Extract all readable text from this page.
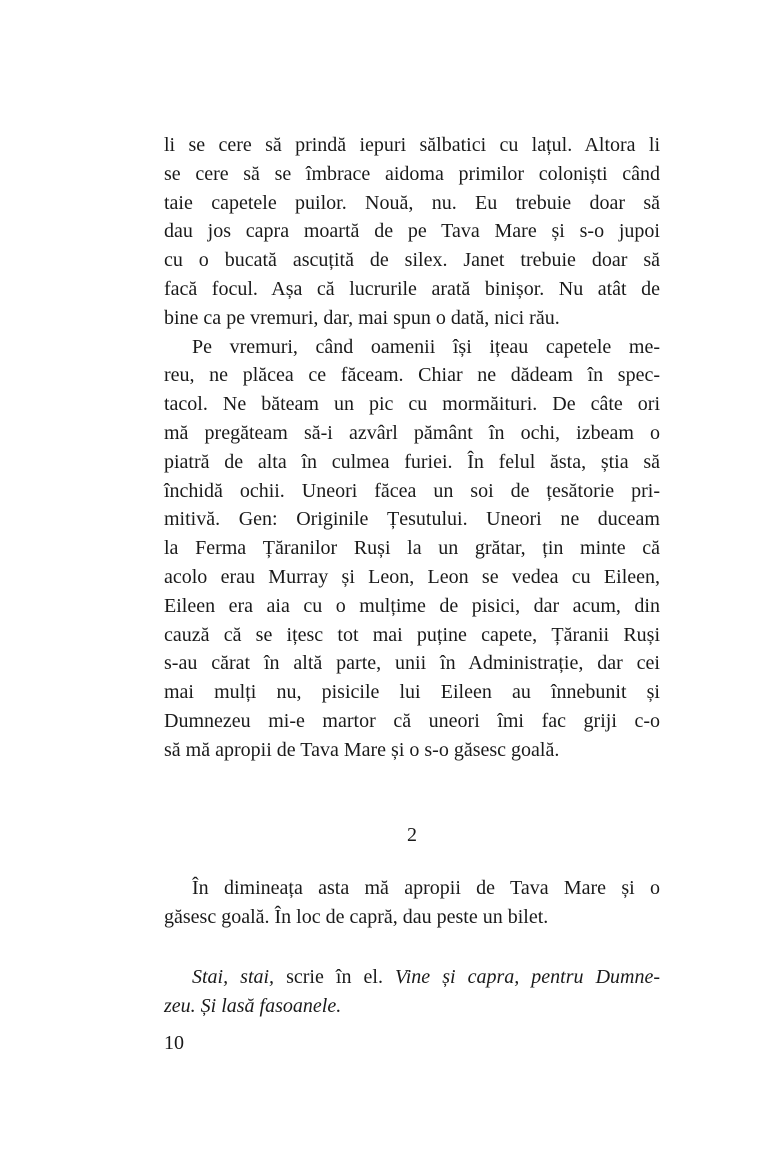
li se cere să prindă iepuri sălbatici cu lațul. Altora li
se cere să se îmbrace aidoma primilor coloniști când
taie capetele puilor. Nouă, nu. Eu trebuie doar să
dau jos capra moartă de pe Tava Mare și s-o jupoi
cu o bucată ascuțită de silex. Janet trebuie doar să
facă focul. Așa că lucrurile arată binișor. Nu atât de
bine ca pe vremuri, dar, mai spun o dată, nici rău.
Pe vremuri, când oamenii își ițeau capetele me-
reu, ne plăcea ce făceam. Chiar ne dădeam în spec-
tacol. Ne băteam un pic cu mormăituri. De câte ori
mă pregăteam să-i azvârl pământ în ochi, izbeam o
piatră de alta în culmea furiei. În felul ăsta, știa să
închidă ochii. Uneori făcea un soi de țesătorie pri-
mitivă. Gen: Originile Țesutului. Uneori ne duceam
la Ferma Țăranilor Ruși la un grătar, țin minte că
acolo erau Murray și Leon, Leon se vedea cu Eileen,
Eileen era aia cu o mulțime de pisici, dar acum, din
cauză că se ițesc tot mai puține capete, Țăranii Ruși
s-au cărat în altă parte, unii în Administrație, dar cei
mai mulți nu, pisicile lui Eileen au înnebunit și
Dumnezeu mi-e martor că uneori îmi fac griji c-o
să mă apropii de Tava Mare și o s-o găsesc goală.
2
În dimineața asta mă apropii de Tava Mare și o
găsesc goală. În loc de capră, dau peste un bilet.
Stai, stai, scrie în el. Vine și capra, pentru Dumne-
zeu. Și lasă fasoanele.
10
